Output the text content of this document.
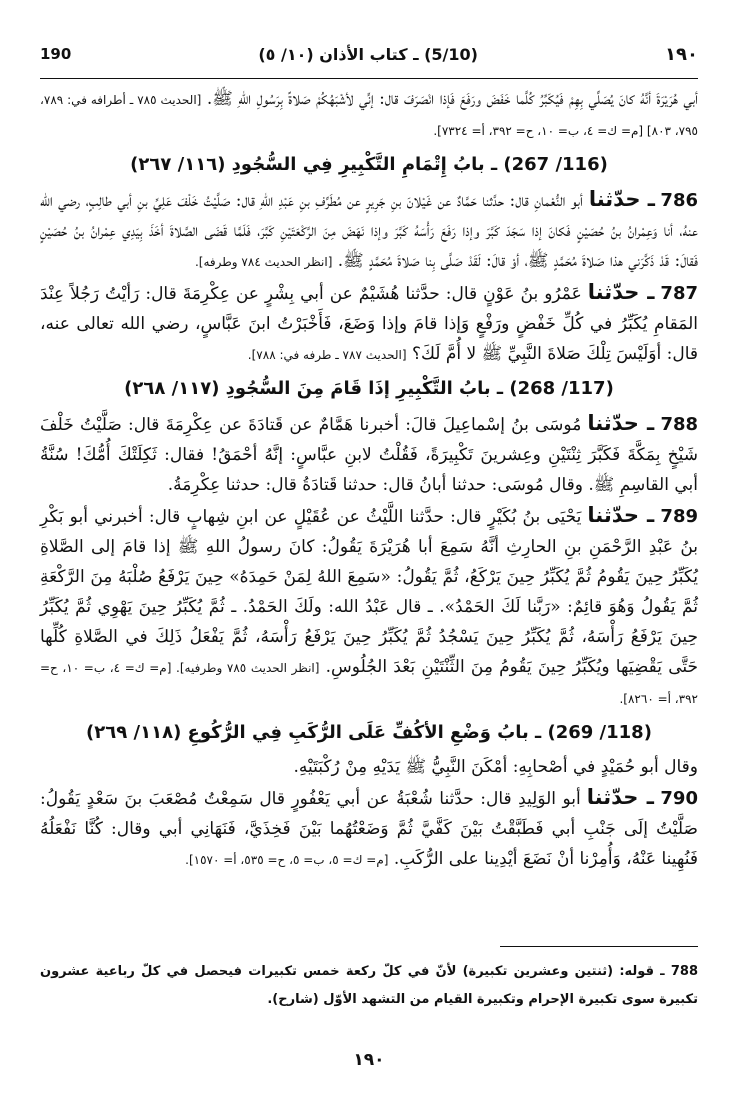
190	(5/10) ـ كتاب الأذان (١٠/ ٥)	١٩٠

أبي هُرَيْرَةَ أنَّهُ كانَ يُصَلِّي بِهِمْ فَيُكَبِّرُ كُلَّما خَفَضَ ورَفَعَ فَإذا انْصَرَفَ قال: إنِّي لأشْبَهُكُمْ صَلاةً بِرَسُولِ اللهِ ﷺ. [الحديث ٧٨٥ ـ أطرافه في: ٧٨٩، ٧٩٥، ٨٠٣] [م= ك= ٤، ب= ١٠، ح= ٣٩٢، أ= ٧٣٢٤].

(116/ 267) ـ بابُ إِتْمَامِ التَّكْبِيرِ فِي السُّجُودِ (١١٦/ ٢٦٧)

786 ـ حدّثناأبو النُّعْمانِ قال: حدَّثنا حَمَّادٌ عن غَيْلانَ بنِ جَرِيرٍ عن مُطَرِّفِ بنِ عَبْدِ اللهِ قال: صَلَّيْتُ خَلْفَ عَلِيِّ بنِ أبي طالِبٍ، رضي الله عنهُ، أنا وَعِمْرانُ بنُ حُصَيْنٍ فَكانَ إذا سَجَدَ كَبَّرَ وإذا رَفَعَ رَأْسَهُ كَبَّرَ وإذا نَهَضَ مِنَ الرَّكْعَتَيْنِ كَبَّرَ، فَلَمَّا قَضَى الصَّلاةَ أخَذَ بِيَدِي عِمْرانُ بنُ حُصَيْنٍ فَقالَ: قَدْ ذَكَّرَني هذا صَلاةَ مُحَمَّدٍ ﷺ، أوْ قالَ: لَقَدْ صَلَّى بِنا صَلاةَ مُحَمَّدٍ ﷺ. [انظر الحديث ٧٨٤ وطرفه].

787 ـ حدّثناعَمْرُو بنُ عَوْنٍ قال: حدَّثنا هُشَيْمٌ عن أبي بِشْرٍ عن عِكْرِمَةَ قال: رَأيْتُ رَجُلاً عِنْدَ المَقامِ يُكَبِّرُ في كُلِّ خَفْضٍ ورَفْعٍ وَإذا قامَ وإذا وَضَعَ، فَأَخْبَرْتُ ابنَ عَبَّاسٍ، رضي الله تعالى عنه، قال: أوَلَيْسَ تِلْكَ صَلاةَ النَّبِيِّ ﷺ لا أُمَّ لَكَ؟ [الحديث ٧٨٧ ـ طرفه في: ٧٨٨].

(117/ 268) ـ بابُ التَّكْبِيرِ إذَا قَامَ مِنَ السُّجُودِ (١١٧/ ٢٦٨)

788 ـ حدّثنامُوسَى بنُ إسْماعِيلَ قالَ: أخبرنا هَمَّامٌ عن قَتادَةَ عن عِكْرِمَةَ قال: صَلَّيْتُ خَلْفَ شَيْخٍ بِمَكَّةَ فَكَبَّرَ ثِنْتَيْنِ وعِشرينَ تَكْبِيرَةً، فَقُلْتُ لابنِ عبَّاسٍ: إنَّهُ أحْمَقُ! فقال: ثَكِلَتْكَ أُمُّكَ! سُنَّةُ أبي القاسِمِ ﷺ. وقال مُوسَى: حدثنا أبانُ قال: حدثنا قَتادَةُ قال: حدثنا عِكْرِمَةُ.

789 ـ حدّثنايَحْيَى بنُ بُكَيْرٍ قال: حدَّثنا اللَّيْثُ عن عُقَيْلٍ عن ابنِ شِهابٍ قال: أخبرني أبو بَكْرِ بنُ عَبْدِ الرَّحْمَنِ بنِ الحارِثِ أنَّهُ سَمِعَ أبا هُرَيْرَةَ يَقُولُ: كانَ رسولُ اللهِ ﷺ إذا قامَ إلى الصَّلاةِ يُكَبِّرُ حِينَ يَقُومُ ثُمَّ يُكَبِّرُ حِينَ يَرْكَعُ، ثُمَّ يَقُولُ: «سَمِعَ اللهُ لِمَنْ حَمِدَهُ» حِينَ يَرْفَعُ صُلْبَهُ مِنَ الرَّكْعَةِ ثُمَّ يَقُولُ وَهُوَ قائِمٌ: «رَبَّنا لَكَ الحَمْدُ». ـ قال عَبْدُ الله: ولَكَ الحَمْدُ. ـ ثُمَّ يُكَبِّرُ حِينَ يَهْوِي ثُمَّ يُكَبِّرُ حِينَ يَرْفَعُ رَأْسَهُ، ثُمَّ يُكَبِّرُ حِينَ يَسْجُدُ ثُمَّ يُكَبِّرُ حِينَ يَرْفَعُ رَأْسَهُ، ثُمَّ يَفْعَلُ ذَلِكَ في الصَّلاةِ كُلِّها حَتَّى يَقْضِيَها ويُكَبِّرُ حِينَ يَقُومُ مِنَ الثِّنْتَيْنِ بَعْدَ الجُلُوسِ. [انظر الحديث ٧٨٥ وطرفيه]. [م= ك= ٤، ب= ١٠، ح= ٣٩٢، أ= ٨٢٦٠].

(118/ 269) ـ بابُ وَضْعِ الأكُفِّ عَلَى الرُّكَبِ فِي الرُّكُوعِ (١١٨/ ٢٦٩)

وقال أبو حُمَيْدٍ في أصْحابِهِ: أمْكَنَ النَّبِيُّ ﷺ يَدَيْهِ مِنْ رُكْبَتَيْهِ.

790 ـ حدّثناأبو الوَلِيدِ قال: حدَّثنا شُعْبَةُ عن أبي يَعْفُورٍ قال سَمِعْتُ مُصْعَبَ بنَ سَعْدٍ يَقُولُ: صَلَّيْتُ إلَى جَنْبِ أبي فَطَبَّقْتُ بَيْنَ كَفَّيَّ ثُمَّ وَضَعْتُهُما بَيْنَ فَخِذَيَّ، فَنَهَانِي أبي وقال: كُنَّا نَفْعَلُهُ فَنُهِينا عَنْهُ، وَأُمِرْنا أنْ نَضَعَ أيْدِينا على الرُّكَبِ. [م= ك= ٥، ب= ٥، ح= ٥٣٥، أ= ١٥٧٠].

788 ـ قوله: (ثنتين وعشرين تكبيرة) لأنّ في كلّ ركعة خمس تكبيرات فيحصل في كلّ رباعية عشرون تكبيرة سوى تكبيرة الإحرام وتكبيرة القيام من التشهد الأوّل (شارح).
١٩٠
